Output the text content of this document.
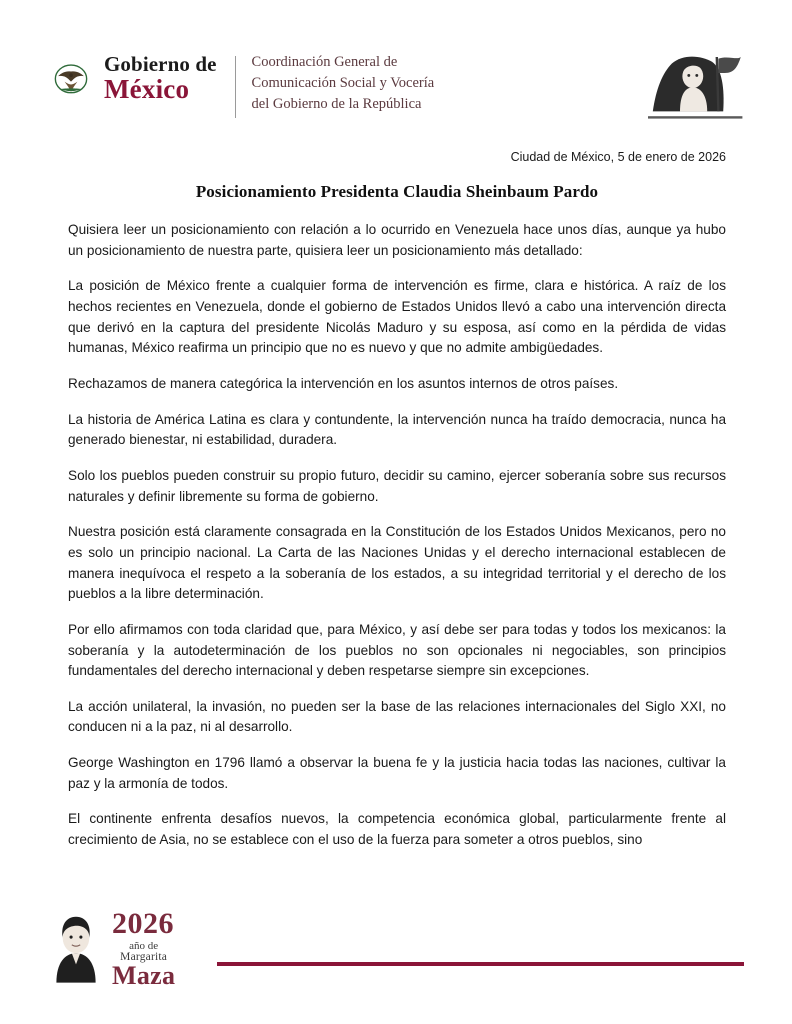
Gobierno de
México
Coordinación General de
Comunicación Social y Vocería
del Gobierno de la República
Ciudad de México, 5 de enero de 2026
Posicionamiento Presidenta Claudia Sheinbaum Pardo

Quisiera leer un posicionamiento con relación a lo ocurrido en Venezuela hace unos días, aunque ya hubo un posicionamiento de nuestra parte, quisiera leer un posicionamiento más detallado:

La posición de México frente a cualquier forma de intervención es firme, clara e histórica. A raíz de los hechos recientes en Venezuela, donde el gobierno de Estados Unidos llevó a cabo una intervención directa que derivó en la captura del presidente Nicolás Maduro y su esposa, así como en la pérdida de vidas humanas, México reafirma un principio que no es nuevo y que no admite ambigüedades.

Rechazamos de manera categórica la intervención en los asuntos internos de otros países.

La historia de América Latina es clara y contundente, la intervención nunca ha traído democracia, nunca ha generado bienestar, ni estabilidad, duradera.

Solo los pueblos pueden construir su propio futuro, decidir su camino, ejercer soberanía sobre sus recursos naturales y definir libremente su forma de gobierno.

Nuestra posición está claramente consagrada en la Constitución de los Estados Unidos Mexicanos, pero no es solo un principio nacional. La Carta de las Naciones Unidas y el derecho internacional establecen de manera inequívoca el respeto a la soberanía de los estados, a su integridad territorial y el derecho de los pueblos a la libre determinación.

Por ello afirmamos con toda claridad que, para México, y así debe ser para todas y todos los mexicanos: la soberanía y la autodeterminación de los pueblos no son opcionales ni negociables, son principios fundamentales del derecho internacional y deben respetarse siempre sin excepciones.

La acción unilateral, la invasión, no pueden ser la base de las relaciones internacionales del Siglo XXI, no conducen ni a la paz, ni al desarrollo.

George Washington en 1796 llamó a observar la buena fe y la justicia hacia todas las naciones, cultivar la paz y la armonía de todos.

El continente enfrenta desafíos nuevos, la competencia económica global, particularmente frente al crecimiento de Asia, no se establece con el uso de la fuerza para someter a otros pueblos, sino

2026
año de
Margarita
Maza
